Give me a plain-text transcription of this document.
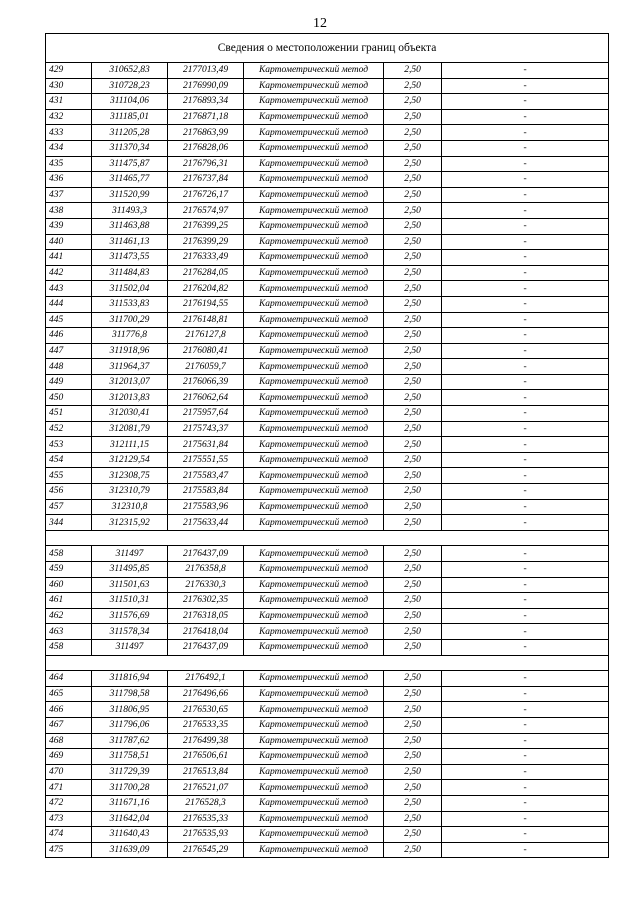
12
Сведения о местоположении границ объекта					
429	310652,83	2177013,49	Картометрический метод	2,50	-
430	310728,23	2176990,09	Картометрический метод	2,50	-
431	311104,06	2176893,34	Картометрический метод	2,50	-
432	311185,01	2176871,18	Картометрический метод	2,50	-
433	311205,28	2176863,99	Картометрический метод	2,50	-
434	311370,34	2176828,06	Картометрический метод	2,50	-
435	311475,87	2176796,31	Картометрический метод	2,50	-
436	311465,77	2176737,84	Картометрический метод	2,50	-
437	311520,99	2176726,17	Картометрический метод	2,50	-
438	311493,3	2176574,97	Картометрический метод	2,50	-
439	311463,88	2176399,25	Картометрический метод	2,50	-
440	311461,13	2176399,29	Картометрический метод	2,50	-
441	311473,55	2176333,49	Картометрический метод	2,50	-
442	311484,83	2176284,05	Картометрический метод	2,50	-
443	311502,04	2176204,82	Картометрический метод	2,50	-
444	311533,83	2176194,55	Картометрический метод	2,50	-
445	311700,29	2176148,81	Картометрический метод	2,50	-
446	311776,8	2176127,8	Картометрический метод	2,50	-
447	311918,96	2176080,41	Картометрический метод	2,50	-
448	311964,37	2176059,7	Картометрический метод	2,50	-
449	312013,07	2176066,39	Картометрический метод	2,50	-
450	312013,83	2176062,64	Картометрический метод	2,50	-
451	312030,41	2175957,64	Картометрический метод	2,50	-
452	312081,79	2175743,37	Картометрический метод	2,50	-
453	312111,15	2175631,84	Картометрический метод	2,50	-
454	312129,54	2175551,55	Картометрический метод	2,50	-
455	312308,75	2175583,47	Картометрический метод	2,50	-
456	312310,79	2175583,84	Картометрический метод	2,50	-
457	312310,8	2175583,96	Картометрический метод	2,50	-
344	312315,92	2175633,44	Картометрический метод	2,50	-

458	311497	2176437,09	Картометрический метод	2,50	-
459	311495,85	2176358,8	Картометрический метод	2,50	-
460	311501,63	2176330,3	Картометрический метод	2,50	-
461	311510,31	2176302,35	Картометрический метод	2,50	-
462	311576,69	2176318,05	Картометрический метод	2,50	-
463	311578,34	2176418,04	Картометрический метод	2,50	-
458	311497	2176437,09	Картометрический метод	2,50	-

464	311816,94	2176492,1	Картометрический метод	2,50	-
465	311798,58	2176496,66	Картометрический метод	2,50	-
466	311806,95	2176530,65	Картометрический метод	2,50	-
467	311796,06	2176533,35	Картометрический метод	2,50	-
468	311787,62	2176499,38	Картометрический метод	2,50	-
469	311758,51	2176506,61	Картометрический метод	2,50	-
470	311729,39	2176513,84	Картометрический метод	2,50	-
471	311700,28	2176521,07	Картометрический метод	2,50	-
472	311671,16	2176528,3	Картометрический метод	2,50	-
473	311642,04	2176535,33	Картометрический метод	2,50	-
474	311640,43	2176535,93	Картометрический метод	2,50	-
475	311639,09	2176545,29	Картометрический метод	2,50	-
